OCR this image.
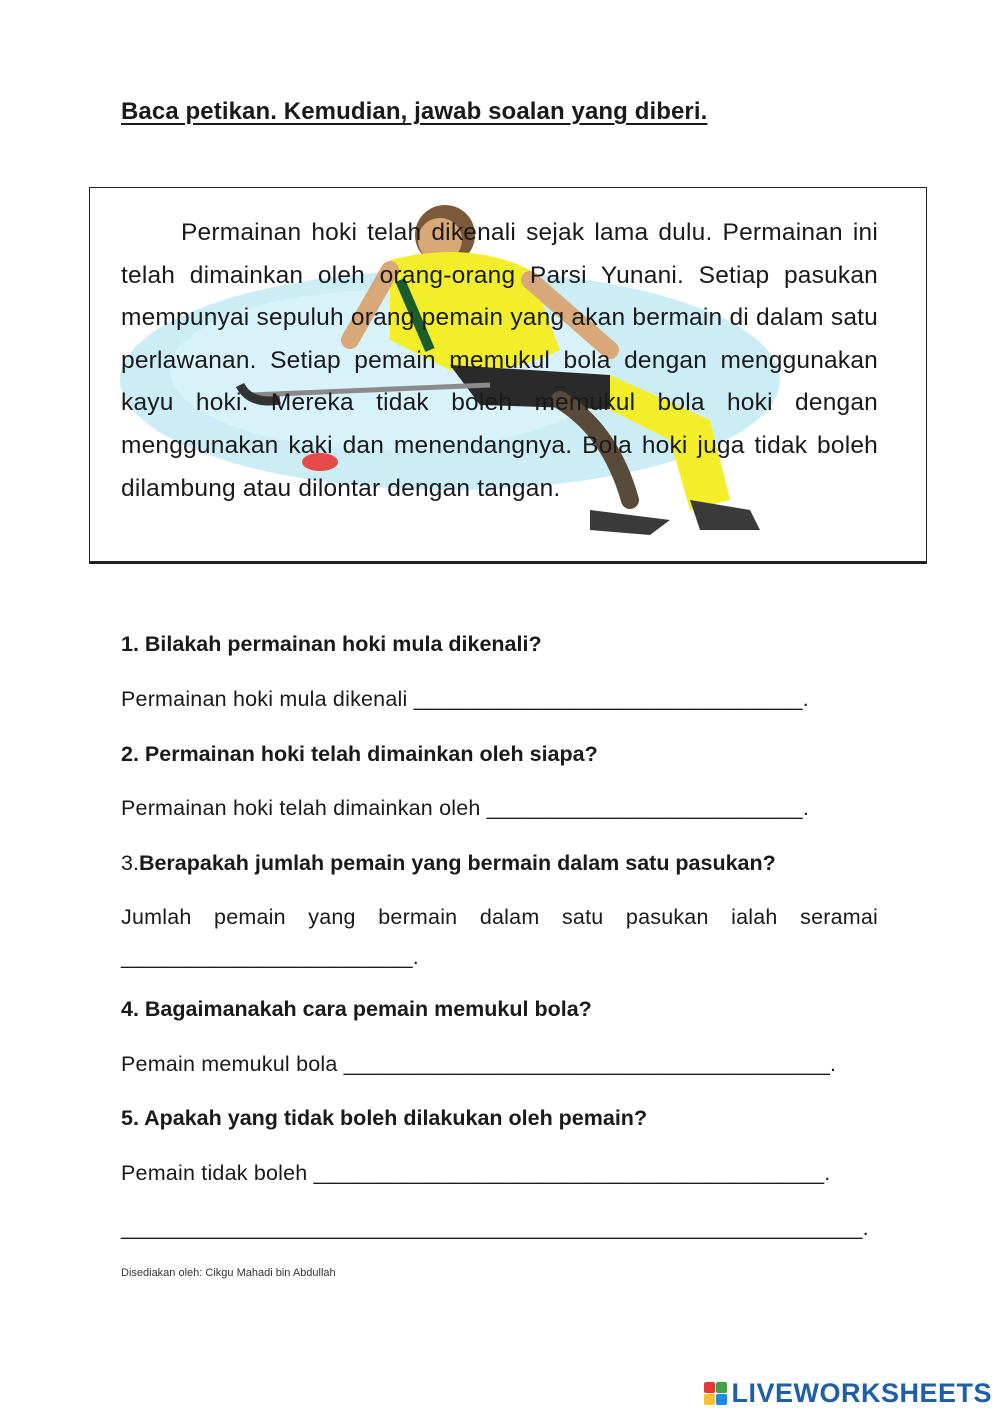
Baca petikan. Kemudian, jawab soalan yang diberi.
Permainan hoki telah dikenali sejak lama dulu. Permainan ini telah dimainkan oleh orang-orang Parsi Yunani. Setiap pasukan mempunyai sepuluh orang pemain yang akan bermain di dalam satu perlawanan. Setiap pemain memukul bola dengan menggunakan kayu hoki. Mereka tidak boleh memukul bola hoki dengan menggunakan kaki dan menendangnya. Bola hoki juga tidak boleh dilambung atau dilontar dengan tangan.
1. Bilakah permainan hoki mula dikenali?
Permainan hoki mula dikenali ________________________________.
2. Permainan hoki telah dimainkan oleh siapa?
Permainan hoki telah dimainkan oleh __________________________.
3.Berapakah jumlah pemain yang bermain dalam satu pasukan?
Jumlah pemain yang bermain dalam satu pasukan ialah seramai
________________________.
4. Bagaimanakah cara pemain memukul bola?
Pemain memukul bola ________________________________________.
5. Apakah yang tidak boleh dilakukan oleh pemain?
Pemain tidak boleh __________________________________________.
_____________________________________________________________.
Disediakan oleh: Cikgu Mahadi bin Abdullah
LIVEWORKSHEETS
